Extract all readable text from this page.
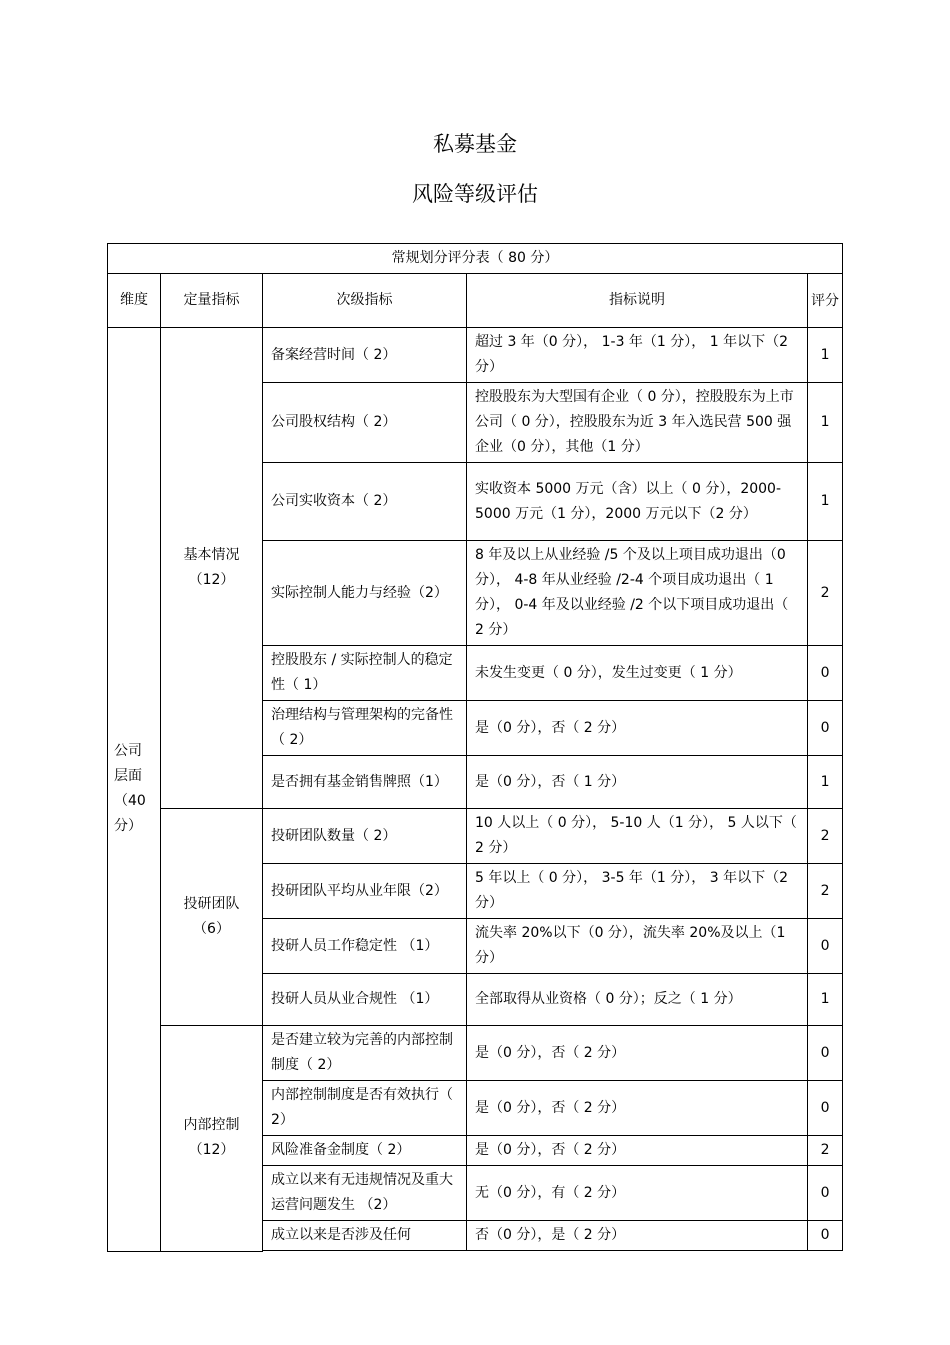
私募基金
风险等级评估
常规划分评分表（ 80 分）				
维度	定量指标	次级指标	指标说明	评分
公司层面（40分）	基本情况（12）	备案经营时间（ 2）	超过 3 年（0 分）， 1-3 年（1 分）， 1 年以下（2 分）	1
		公司股权结构（ 2）	控股股东为大型国有企业（ 0 分），控股股东为上市公司（ 0 分），控股股东为近 3 年入选民营 500 强企业（0 分），其他（1 分）	1
		公司实收资本（ 2）	实收资本 5000 万元（含）以上（ 0 分），2000-5000 万元（1 分），2000 万元以下（2 分）	1
		实际控制人能力与经验（2）	8 年及以上从业经验 /5 个及以上项目成功退出（0 分）， 4-8 年从业经验 /2-4 个项目成功退出（ 1 分）， 0-4 年及以业经验 /2 个以下项目成功退出（ 2 分）	2
		控股股东 / 实际控制人的稳定性（ 1）	未发生变更（ 0 分），发生过变更（ 1 分）	0
		治理结构与管理架构的完备性（ 2）	是（0 分），否（ 2 分）	0
		是否拥有基金销售牌照（1）	是（0 分），否（ 1 分）	1
	投研团队（6）	投研团队数量（ 2）	10 人以上（ 0 分）， 5-10 人（1 分）， 5 人以下（ 2 分）	2
		投研团队平均从业年限（2）	5 年以上（ 0 分）， 3-5 年（1 分）， 3 年以下（2 分）	2
		投研人员工作稳定性 （1）	流失率 20%以下（0 分），流失率 20%及以上（1 分）	0
		投研人员从业合规性 （1）	全部取得从业资格（ 0 分）；反之（ 1 分）	1
	内部控制（12）	是否建立较为完善的内部控制制度（ 2）	是（0 分），否（ 2 分）	0
		内部控制制度是否有效执行（ 2）	是（0 分），否（ 2 分）	0
		风险准备金制度（ 2）	是（0 分），否（ 2 分）	2
		成立以来有无违规情况及重大运营问题发生 （2）	无（0 分），有（ 2 分）	0
		成立以来是否涉及任何	否（0 分），是（ 2 分）	0
